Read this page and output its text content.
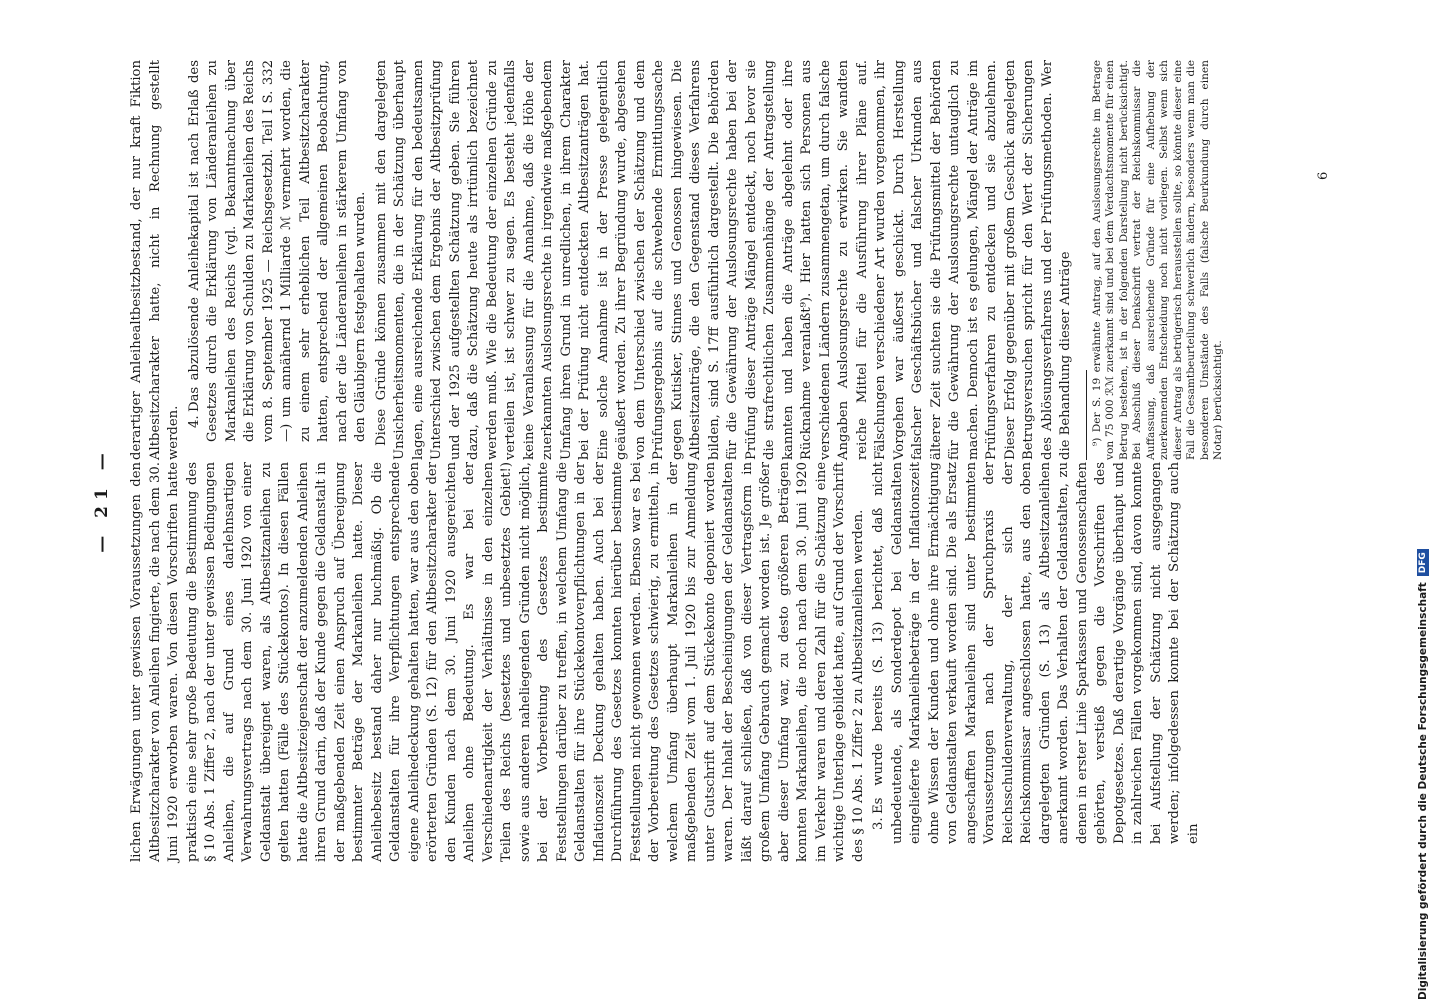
— 21 — lichen Erwägungen unter gewissen Voraussetzungen den Altbesitzcharakter von Anleihen fingierte, die nach dem 30. Juni 1920 erworben waren. Von diesen Vorschriften hatte praktisch eine sehr große Bedeutung die Bestimmung des § 10 Abs. 1 Ziffer 2, nach der unter gewissen Bedingungen Anleihen, die auf Grund eines darlehnsartigen Verwahrungsvertrags nach dem 30. Juni 1920 von einer Geldanstalt übereignet waren, als Altbesitzanleihen zu gelten hatten (Fälle des Stückekontos). In diesen Fällen hatte die Altbesitzeigenschaft der anzumeldenden Anleihen ihren Grund darin, daß der Kunde gegen die Geldanstalt in der maßgebenden Zeit einen Anspruch auf Übereignung bestimmter Beträge der Markanleihen hatte. Dieser Anleihebesitz bestand daher nur buchmäßig. Ob die Geldanstalten für ihre Verpflichtungen entsprechende eigene Anleihedeckung gehalten hatten, war aus den oben erörterten Gründen (S. 12) für den Altbesitzcharakter der den Kunden nach dem 30. Juni 1920 ausgereichten Anleihen ohne Bedeutung. Es war bei der Verschiedenartigkeit der Verhältnisse in den einzelnen Teilen des Reichs (besetztes und unbesetztes Gebiet!) sowie aus anderen naheliegenden Gründen nicht möglich, bei der Vorbereitung des Gesetzes bestimmte Feststellungen darüber zu treffen, in welchem Umfang die Geldanstalten für ihre Stückekontoverpflichtungen in der Inflationszeit Deckung gehalten haben. Auch bei der Durchführung des Gesetzes konnten hierüber bestimmte Feststellungen nicht gewonnen werden. Ebenso war es bei der Vorbereitung des Gesetzes schwierig, zu ermitteln, in welchem Umfang überhaupt Markanleihen in der maßgebenden Zeit vom 1. Juli 1920 bis zur Anmeldung unter Gutschrift auf dem Stückekonto deponiert worden waren. Der Inhalt der Bescheinigungen der Geldanstalten läßt darauf schließen, daß von dieser Vertragsform in großem Umfang Gebrauch gemacht worden ist. Je größer aber dieser Umfang war, zu desto größeren Beträgen konnten Markanleihen, die noch nach dem 30. Juni 1920 im Verkehr waren und deren Zahl für die Schätzung eine wichtige Unterlage gebildet hatte, auf Grund der Vorschrift des § 10 Abs. 1 Ziffer 2 zu Altbesitzanleihen werden. 3.Es wurde bereits (S. 13) berichtet, daß nicht unbedeutende, als Sonderdepot bei Geldanstalten eingelieferte Markanleihebeträge in der Inflationszeit ohne Wissen der Kunden und ohne ihre Ermächtigung von Geldanstalten verkauft worden sind. Die als Ersatz angeschafften Markanleihen sind unter bestimmten Voraussetzungen nach der Spruchpraxis der Reichsschuldenverwaltung, der sich der Reichskommissar angeschlossen hatte, aus den oben dargelegten Gründen (S. 13) als Altbesitzanleihen anerkannt worden. Das Verhalten der Geldanstalten, zu denen in erster Linie Sparkassen und Genossenschaften gehörten, verstieß gegen die Vorschriften des Depotgesetzes. Daß derartige Vorgänge überhaupt und in zahlreichen Fällen vorgekommen sind, davon konnte bei Aufstellung der Schätzung nicht ausgegangen werden; infolgedessen konnte bei der Schätzung auch ein

derartiger Anleihealtbesitzbestand, der nur kraft Fiktion Altbesitzcharakter hatte, nicht in Rechnung gestellt werden. 4.Das abzulösende Anleihekapital ist nach Erlaß des Gesetzes durch die Erklärung von Länderanleihen zu Markanleihen des Reichs (vgl. Bekanntmachung über die Erklärung von Schulden zu Markanleihen des Reichs vom 8. September 1925 — Reichsgesetzbl. Teil I S. 332 —) um annähernd 1 Milliarde ℳ vermehrt worden, die zu einem sehr erheblichen Teil Altbesitzcharakter hatten, entsprechend der allgemeinen Beobachtung, nach der die Länderanleihen in stärkerem Umfang von den Gläubigern festgehalten wurden. Diese Gründe können zusammen mit den dargelegten Unsicherheitsmomenten, die in der Schätzung überhaupt lagen, eine ausreichende Erklärung für den bedeutsamen Unterschied zwischen dem Ergebnis der Altbesitzprüfung und der 1925 aufgestellten Schätzung geben. Sie führen dazu, daß die Schätzung heute als irrtümlich bezeichnet werden muß. Wie die Bedeutung der einzelnen Gründe zu verteilen ist, ist schwer zu sagen. Es besteht jedenfalls keine Veranlassung für die Annahme, daß die Höhe der zuerkannten Auslosungsrechte in irgendwie maßgebendem Umfang ihren Grund in unredlichen, in ihrem Charakter bei der Prüfung nicht entdeckten Altbesitzanträgen hat. Eine solche Annahme ist in der Presse gelegentlich geäußert worden. Zu ihrer Begründung wurde, abgesehen von dem Unterschied zwischen der Schätzung und dem Prüfungsergebnis auf die schwebende Ermittlungssache gegen Kutisker, Stinnes und Genossen hingewiesen. Die Altbesitzanträge, die den Gegenstand dieses Verfahrens bilden, sind S. 17ff ausführlich dargestellt. Die Behörden für die Gewährung der Auslosungsrechte haben bei der Prüfung dieser Anträge Mängel entdeckt, noch bevor sie die strafrechtlichen Zusammenhänge der Antragstellung kannten und haben die Anträge abgelehnt oder ihre Rücknahme veranlaßt⁹). Hier hatten sich Personen aus verschiedenen Ländern zusammengetan, um durch falsche Angaben Auslosungsrechte zu erwirken. Sie wandten reiche Mittel für die Ausführung ihrer Pläne auf. Fälschungen verschiedener Art wurden vorgenommen, ihr Vorgehen war äußerst geschickt. Durch Herstellung falscher Geschäftsbücher und falscher Urkunden aus älterer Zeit suchten sie die Prüfungsmittel der Behörden für die Gewährung der Auslosungsrechte untauglich zu machen. Dennoch ist es gelungen, Mängel der Anträge im Prüfungsverfahren zu entdecken und sie abzulehnen. Dieser Erfolg gegenüber mit großem Geschick angelegten Betrugsversuchen spricht für den Wert der Sicherungen des Ablösungsverfahrens und der Prüfungsmethoden. Wer die Behandlung dieser Anträge ⁹) Der S. 19 erwähnte Antrag, auf den Auslosungsrechte im Betrage von 75 000 ℛℳ zuerkannt sind und bei dem Verdachtsmomente für einen Betrug bestehen, ist in der folgenden Darstellung nicht berücksichtigt. Bei Abschluß dieser Denkschrift vertrat der Reichskommissar die Auffassung, daß ausreichende Gründe für eine Aufhebung der zuerkennenden Entscheidung noch nicht vorliegen. Selbst wenn sich dieser Antrag als betrügerisch herausstellen sollte, so könnte dieser eine Fall die Gesamtbeurteilung schwerlich ändern, besonders wenn man die besonderen Umstände des Falls (falsche Beurkundung durch einen Notar) berücksichtigt.

6
Digitalisierung gefördert durch die Deutsche Forschungsgemeinschaft
DFG
